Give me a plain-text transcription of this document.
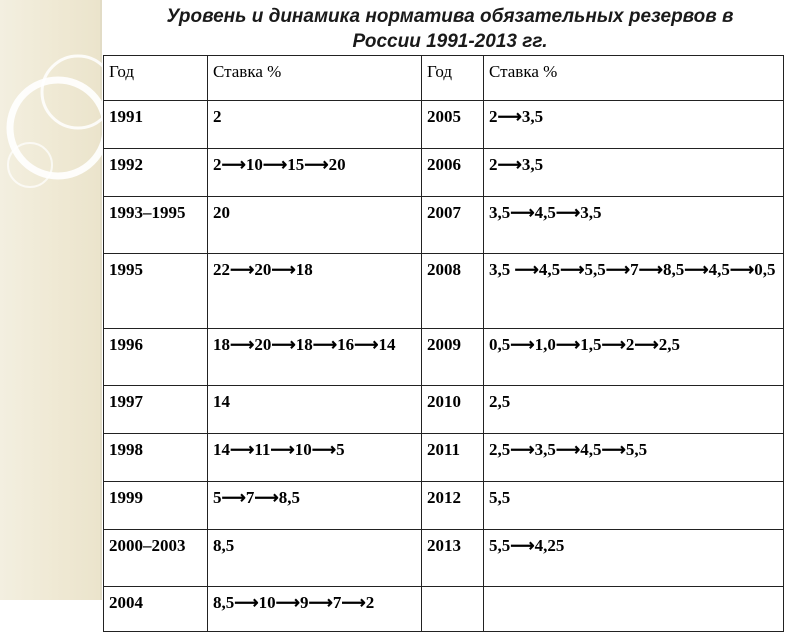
Уровень и динамика норматива обязательных резервов в
России 1991-2013 гг.
Год	Ставка %	Год	Ставка %
1991	2	2005	2⟶3,5
1992	2⟶10⟶15⟶20	2006	2⟶3,5
1993–1995	20	2007	3,5⟶4,5⟶3,5
1995	22⟶20⟶18	2008	3,5 ⟶4,5⟶5,5⟶7⟶8,5⟶4,5⟶0,5
1996	18⟶20⟶18⟶16⟶14	2009	0,5⟶1,0⟶1,5⟶2⟶2,5
1997	14	2010	2,5
1998	14⟶11⟶10⟶5	2011	2,5⟶3,5⟶4,5⟶5,5
1999	5⟶7⟶8,5	2012	5,5
2000–2003	8,5	2013	5,5⟶4,25
2004	8,5⟶10⟶9⟶7⟶2		
